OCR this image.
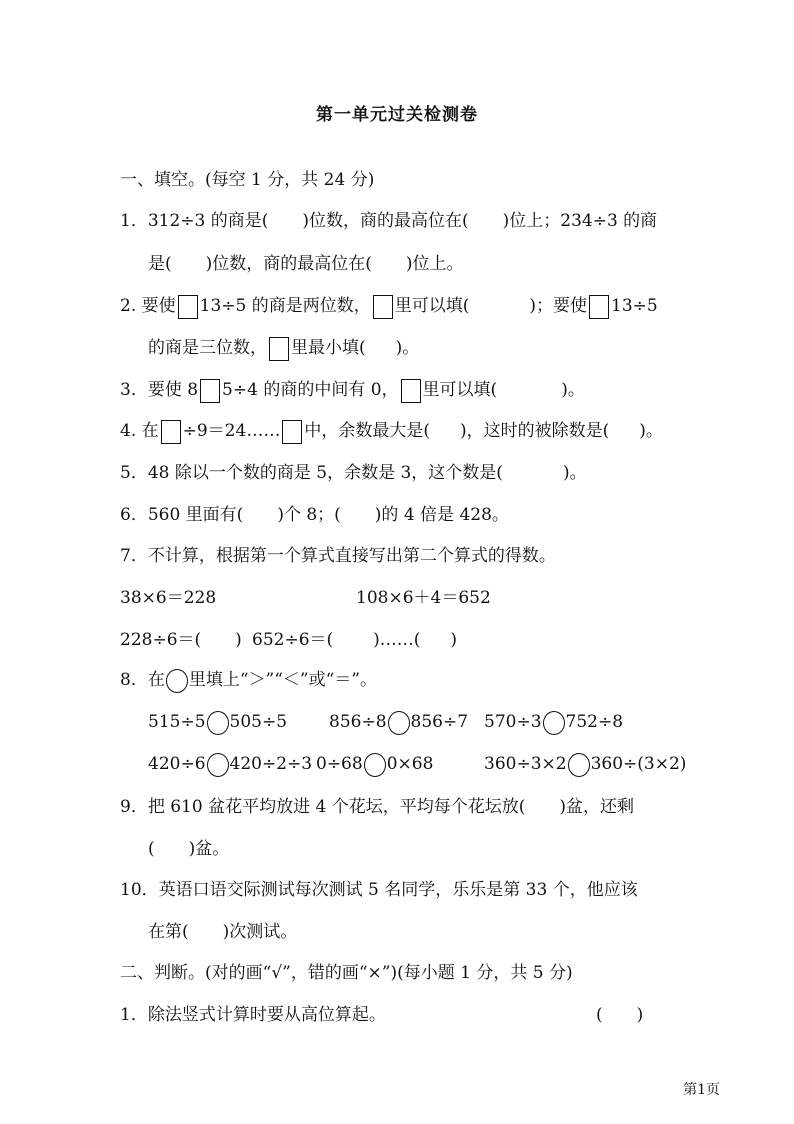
第一单元过关检测卷
一、填空。(每空 1 分，共 24 分)
1．312÷3 的商是( )位数，商的最高位在( )位上；234÷3 的商
是( )位数，商的最高位在( )位上。
2. 要使 13÷5 的商是两位数， 里可以填(	)；要使 13÷5
的商是三位数， 里最小填( )。
3．要使 8 5÷4 的商的中间有 0， 里可以填(	)。
4. 在 ÷9＝24…… 中，余数最大是( )，这时的被除数是( )。
5．48 除以一个数的商是 5，余数是 3，这个数是(	)。
6．560 里面有( )个 8；( )的 4 倍是 428。
7．不计算，根据第一个算式直接写出第二个算式的得数。
38×6＝228	108×6＋4＝652
228÷6＝( ) 652÷6＝( )……( )
8．在 里填上“＞”“＜”或“＝”。
515÷5 505÷5 856÷8 856÷7 570÷3 752÷8
420÷6 420÷2÷3 0÷68 0×68	360÷3×2 360÷(3×2)
9．把 610 盆花平均放进 4 个花坛，平均每个花坛放( )盆，还剩
( )盆。
10．英语口语交际测试每次测试 5 名同学，乐乐是第 33 个，他应该
在第( )次测试。
二、判断。(对的画“√”，错的画“×”)(每小题 1 分，共 5 分)
1．除法竖式计算时要从高位算起。	( )
第1页
